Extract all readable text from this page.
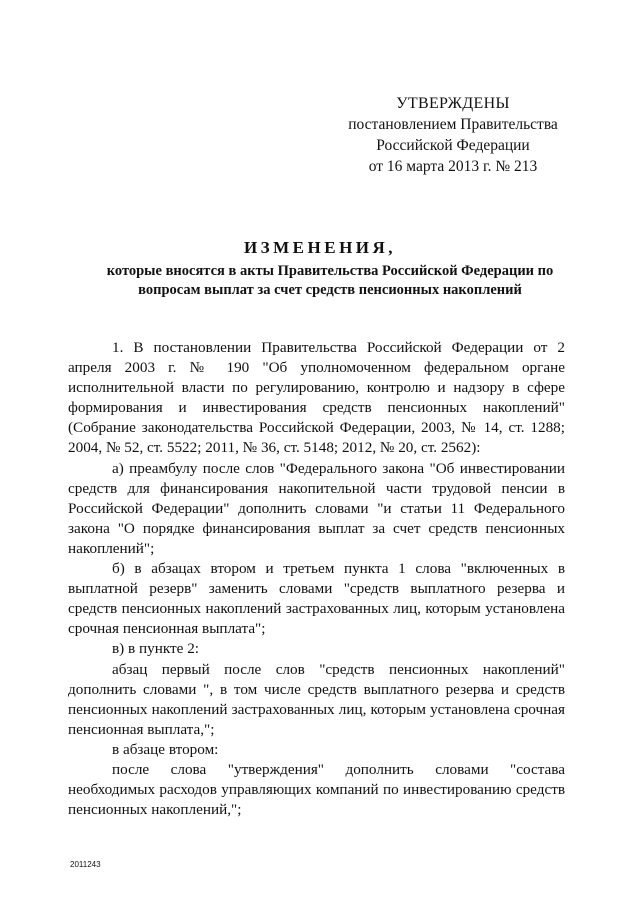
УТВЕРЖДЕНЫ
постановлением Правительства
Российской Федерации
от 16 марта 2013 г. № 213
ИЗМЕНЕНИЯ,
которые вносятся в акты Правительства Российской Федерации по вопросам выплат за счет средств пенсионных накоплений

1. В постановлении Правительства Российской Федерации от 2 апреля 2003 г. № 190 "Об уполномоченном федеральном органе исполнительной власти по регулированию, контролю и надзору в сфере формирования и инвестирования средств пенсионных накоплений" (Собрание законодательства Российской Федерации, 2003, № 14, ст. 1288; 2004, № 52, ст. 5522; 2011, № 36, ст. 5148; 2012, № 20, ст. 2562):

а) преамбулу после слов "Федерального закона "Об инвестировании средств для финансирования накопительной части трудовой пенсии в Российской Федерации" дополнить словами "и статьи 11 Федерального закона "О порядке финансирования выплат за счет средств пенсионных накоплений";

б) в абзацах втором и третьем пункта 1 слова "включенных в выплатной резерв" заменить словами "средств выплатного резерва и средств пенсионных накоплений застрахованных лиц, которым установлена срочная пенсионная выплата";

в) в пункте 2:

абзац первый после слов "средств пенсионных накоплений" дополнить словами ", в том числе средств выплатного резерва и средств пенсионных накоплений застрахованных лиц, которым установлена срочная пенсионная выплата,";

в абзаце втором:

после слова "утверждения" дополнить словами "состава необходимых расходов управляющих компаний по инвестированию средств пенсионных накоплений,";

2011243
